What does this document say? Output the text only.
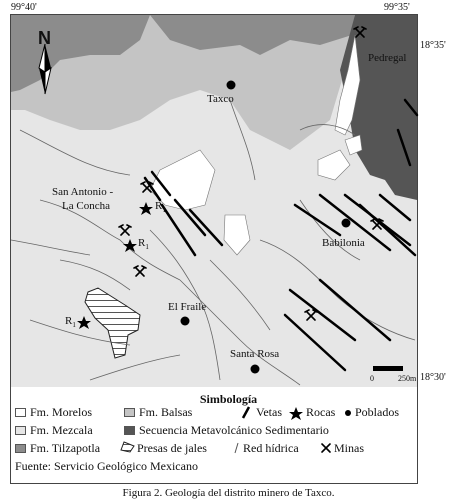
99°40'	99°35'
18°35'
18°30'
Taxco
Pedregal
San Antonio -
La Concha
Babilonia
El Fraile
Santa Rosa
$R_1$
$R_1$
$R_1$
N
0	250m
Simbología
Fm. Morelos	Fm. Balsas	Vetas Rocas Poblados
Fm. Mezcala	Secuencia Metavolcánico Sedimentario
Fm. Tilzapotla	Presas de jales	Red hídrica	Minas
Fuente: Servicio Geológico Mexicano
Figura 2. Geología del distrito minero de Taxco.
